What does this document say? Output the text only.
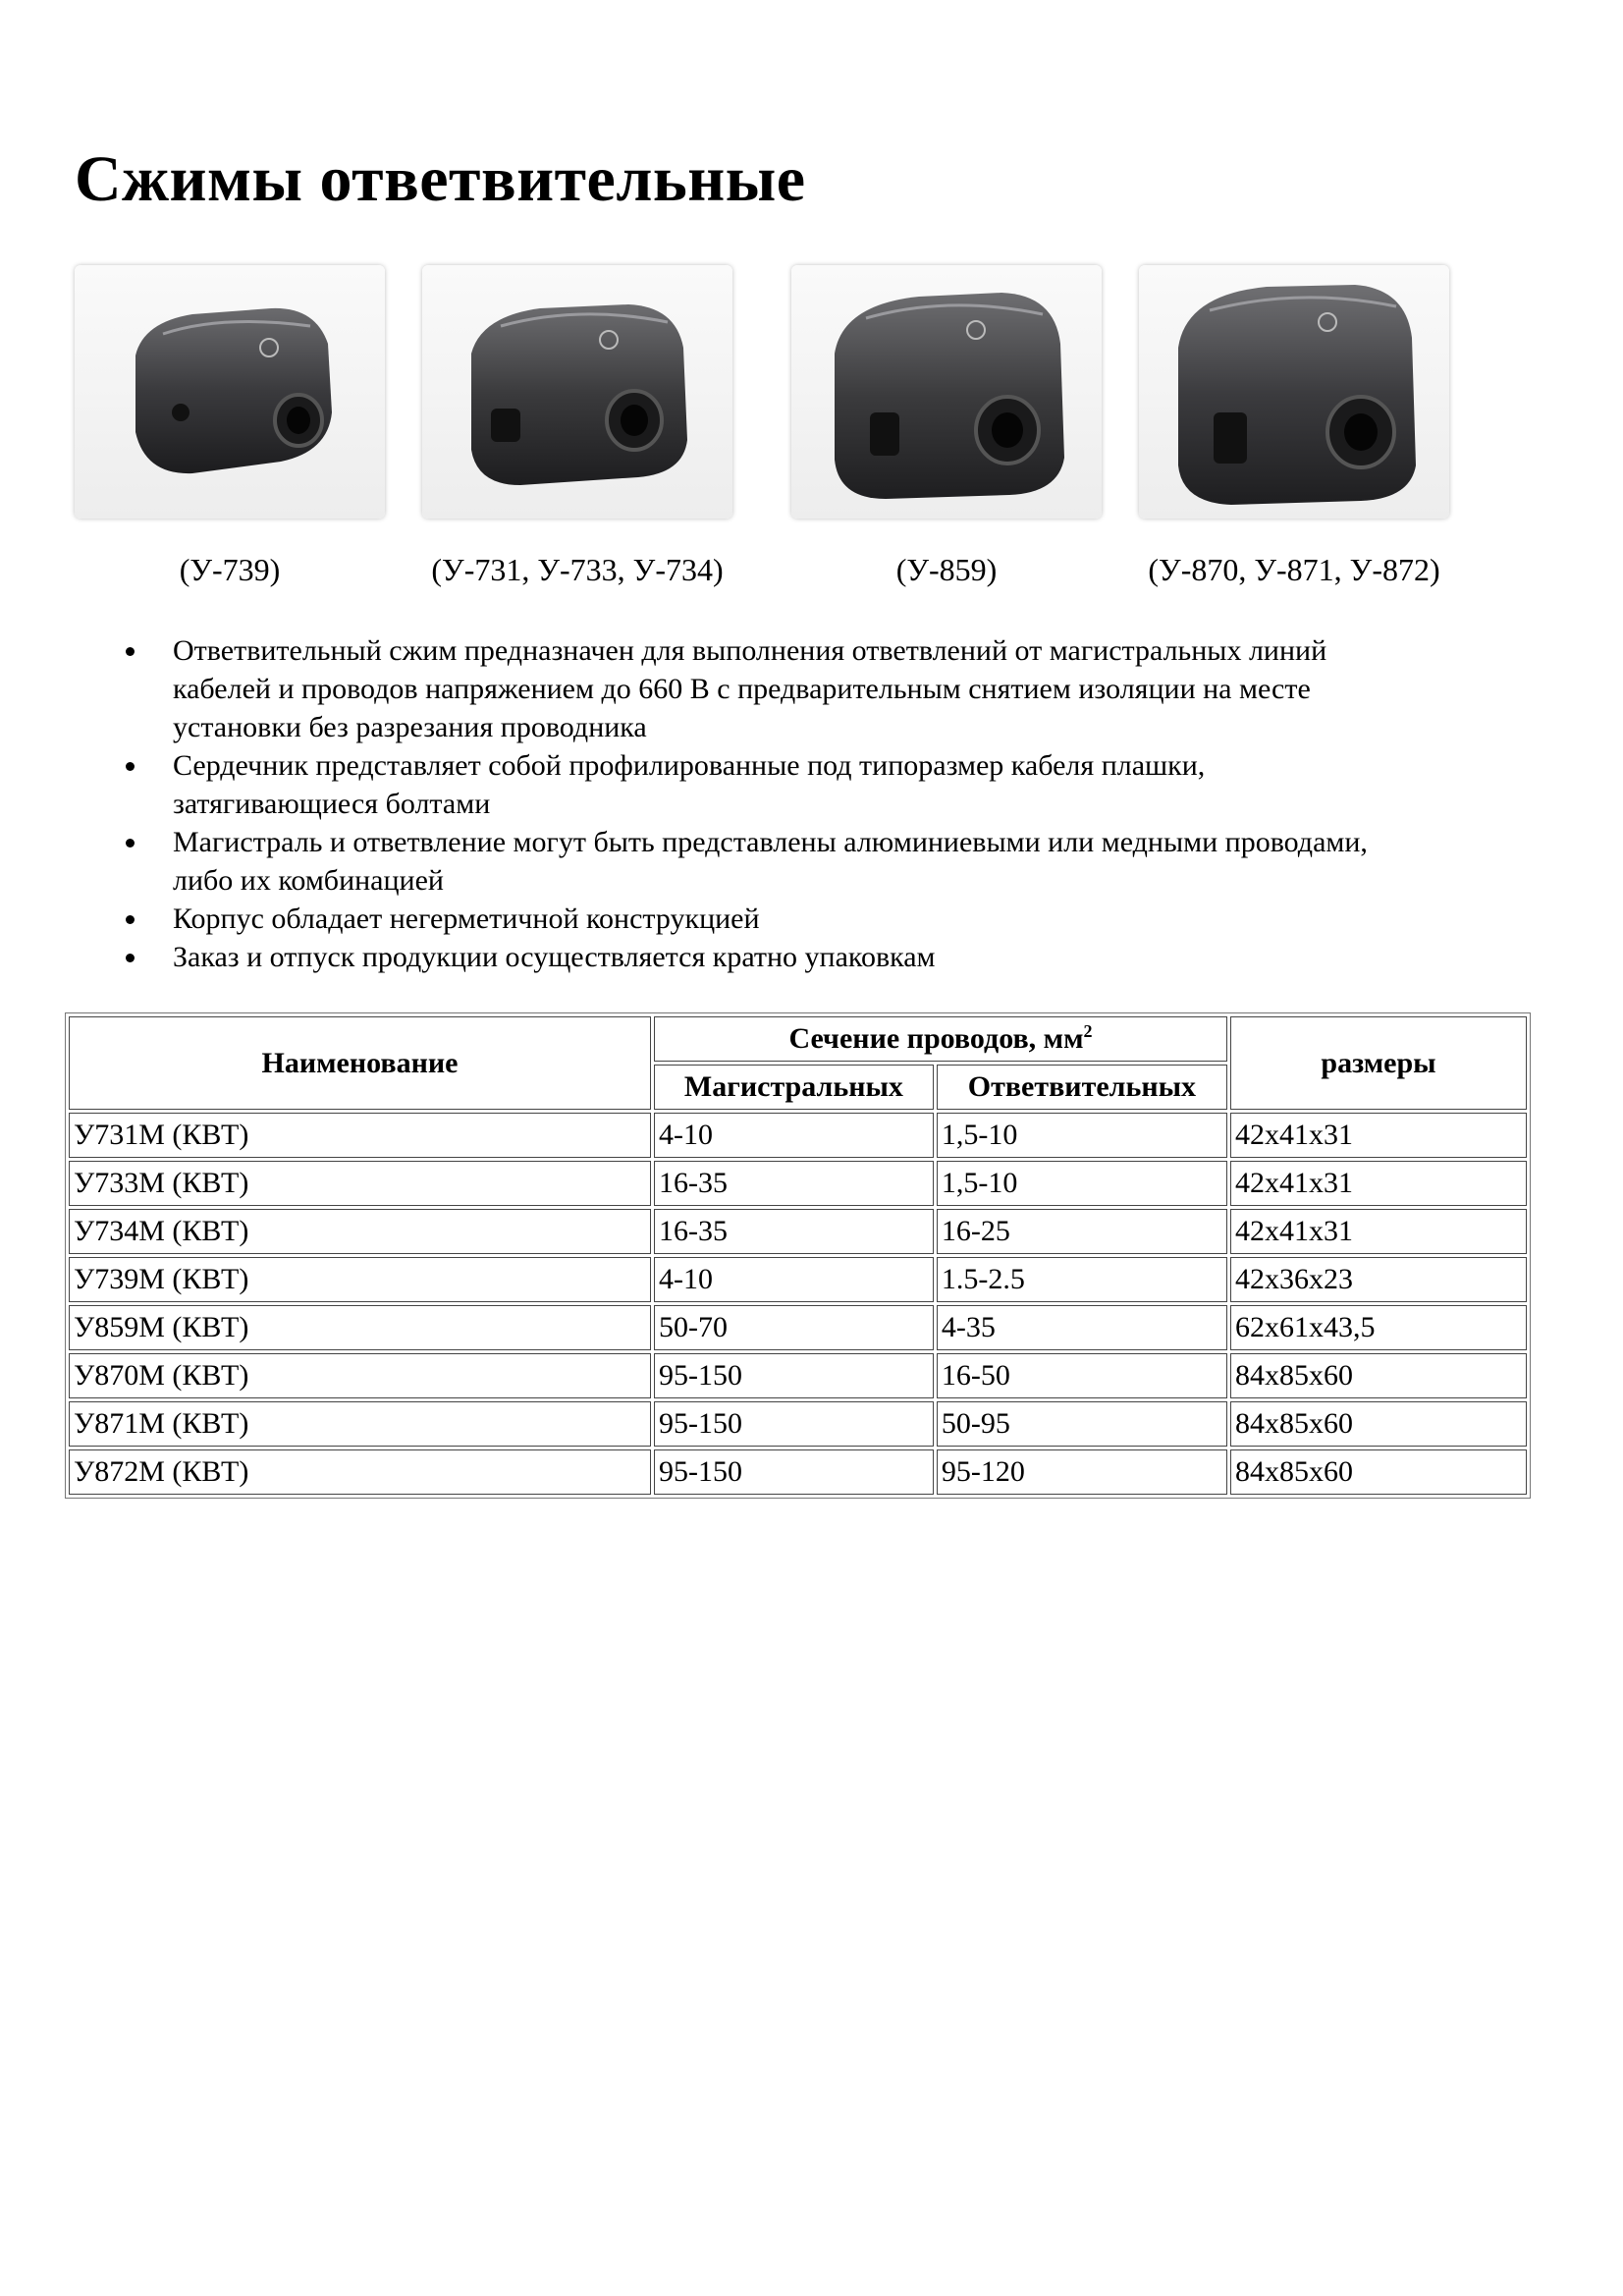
Сжимы ответвительные
(У-739)	(У-731, У-733, У-734)	(У-859)	(У-870, У-871, У-872)
Ответвительный сжим предназначен для выполнения ответвлений от магистральных линий
кабелей и проводов напряжением до 660 В с предварительным снятием изоляции на месте
установки без разрезания проводника
Сердечник представляет собой профилированные под типоразмер кабеля плашки,
затягивающиеся болтами
Магистраль и ответвление могут быть представлены алюминиевыми или медными проводами,
либо их комбинацией
Корпус обладает негерметичной конструкцией
Заказ и отпуск продукции осуществляется кратно упаковкам
Наименование	Сечение проводов, $мм^2$		размеры
	Магистральных	Ответвительных	
У731М (КВТ)	4-10	1,5-10	42х41х31
У733М (КВТ)	16-35	1,5-10	42х41х31
У734М (КВТ)	16-35	16-25	42х41х31
У739М (КВТ)	4-10	1.5-2.5	42х36х23
У859М (КВТ)	50-70	4-35	62х61х43,5
У870М (КВТ)	95-150	16-50	84х85х60
У871М (КВТ)	95-150	50-95	84х85х60
У872М (КВТ)	95-150	95-120	84х85х60
